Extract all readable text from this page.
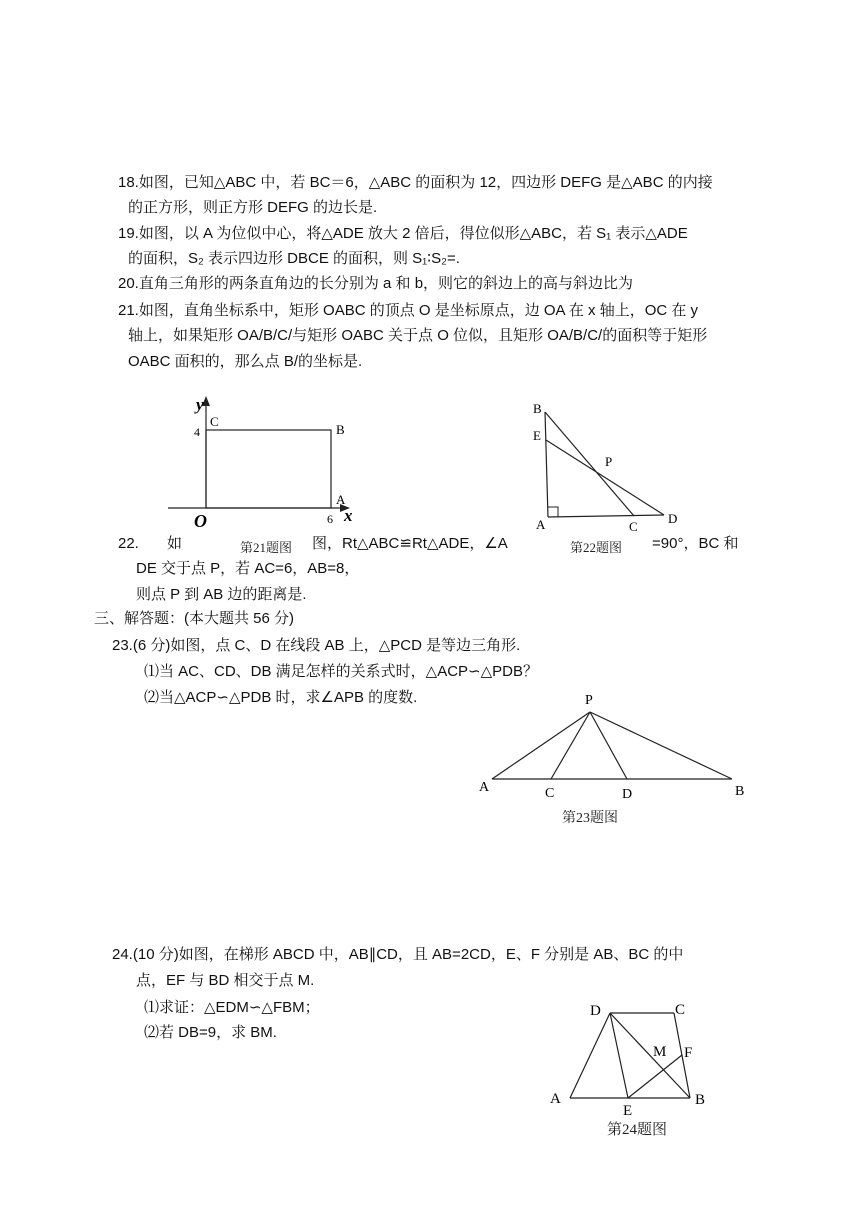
18.如图，已知△ABC 中，若 BC＝6，△ABC 的面积为 12，四边形 DEFG 是△ABC 的内接
的正方形，则正方形 DEFG 的边长是.
19.如图，以 A 为位似中心，将△ADE 放大 2 倍后，得位似形△ABC，若 S₁ 表示△ADE
的面积，S₂ 表示四边形 DBCE 的面积，则 S₁∶S₂=.
20.直角三角形的两条直角边的长分别为 a 和 b，则它的斜边上的高与斜边比为
21.如图，直角坐标系中，矩形 OABC 的顶点 O 是坐标原点，边 OA 在 x 轴上，OC 在 y
轴上，如果矩形 OA/B/C/与矩形 OABC 关于点 O 位似，且矩形 OA/B/C/的面积等于矩形
OABC 面积的，那么点 B/的坐标是.
y
x
O
C
B
A
4
6
第21题图
B
E
P
A	C
D
第22题图
22. 如	图，Rt△ABC≌Rt△ADE，∠A	=90°，BC 和
DE 交于点 P，若 AC=6，AB=8，
则点 P 到 AB 边的距离是.
三、解答题：(本大题共 56 分)
23.(6 分)如图，点 C、D 在线段 AB 上，△PCD 是等边三角形.
⑴当 AC、CD、DB 满足怎样的关系式时，△ACP∽△PDB？
⑵当△ACP∽△PDB 时，求∠APB 的度数.	P
A	C	D	B
第23题图
24.(10 分)如图，在梯形 ABCD 中，AB∥CD，且 AB=2CD，E、F 分别是 AB、BC 的中
点，EF 与 BD 相交于点 M.
⑴求证：△EDM∽△FBM；
⑵若 DB=9，求 BM.
D	C
M F
A
E
B
第24题图
